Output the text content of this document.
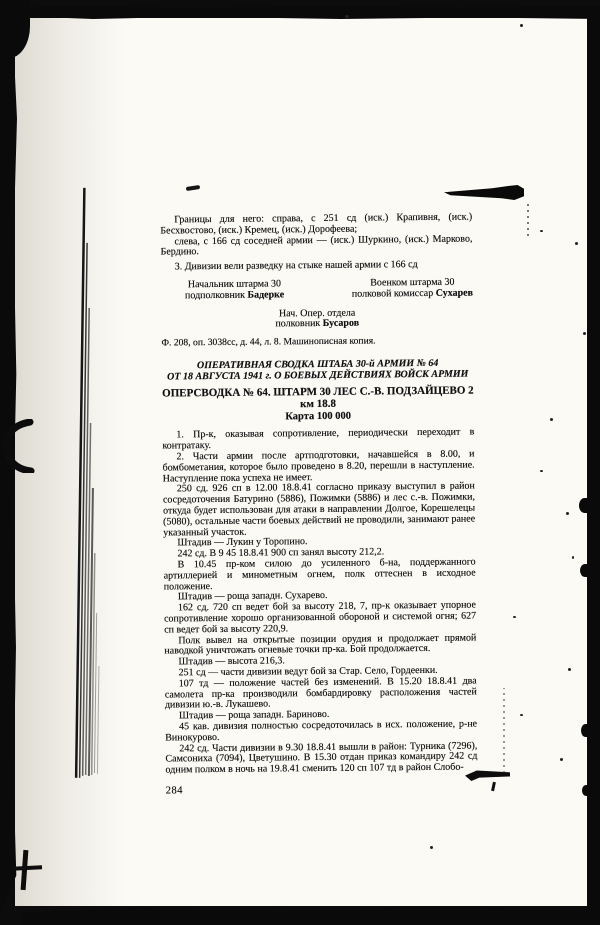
Границы для него: справа, с 251 сд (иск.) Крапивня, (иск.) Бесхвостово, (иск.) Кремец, (иск.) Дорофеева;

слева, с 166 сд соседней армии — (иск.) Шуркино, (иск.) Марково, Бердино.

3. Дивизии вели разведку на стыке нашей армии с 166 сд

Начальник штарма 30
подполковник Бадерке
Военком штарма 30
полковой комиссар Сухарев
Нач. Опер. отдела
полковник Бусаров
Ф. 208, оп. 3038сс, д. 44, л. 8. Машинописная копия.
ОПЕРАТИВНАЯ СВОДКА ШТАБА 30-й АРМИИ № 64
ОТ 18 АВГУСТА 1941 г. О БОЕВЫХ ДЕЙСТВИЯХ ВОЙСК АРМИИ
ОПЕРСВОДКА № 64. ШТАРМ 30 ЛЕС С.-В. ПОДЗАЙЦЕВО 2 км 18.8
Карта 100 000

1. Пр-к, оказывая сопротивление, периодически переходит в контратаку.

2. Части армии после артподготовки, начавшейся в 8.00, и бомбометания, которое было проведено в 8.20, перешли в наступление. Наступление пока успеха не имеет.

250 сд. 926 сп в 12.00 18.8.41 согласно приказу выступил в район сосредоточения Батурино (5886), Пожимки (5886) и лес с.-в. Пожимки, откуда будет использован для атаки в направлении Долгое, Корешелецы (5080), остальные части боевых действий не проводили, занимают ранее указанный участок.

Штадив — Лукин у Торопино.

242 сд. В 9 45 18.8.41 900 сп занял высоту 212,2.

В 10.45 пр-ком силою до усиленного б-на, поддержанного артиллерией и минометным огнем, полк оттеснен в исходное положение.

Штадив — роща западн. Сухарево.

162 сд. 720 сп ведет бой за высоту 218, 7, пр-к оказывает упорное сопротивление хорошо организованной обороной и системой огня; 627 сп ведет бой за высоту 220,9.

Полк вывел на открытые позиции орудия и продолжает прямой наводкой уничтожать огневые точки пр-ка. Бой продолжается.

Штадив — высота 216,3.

251 сд — части дивизии ведут бой за Стар. Село, Гордеенки.

107 тд — положение частей без изменений. В 15.20 18.8.41 два самолета пр-ка производили бомбардировку расположения частей дивизии ю.-в. Лукашево.

Штадив — роща западн. Бариново.

45 кав. дивизия полностью сосредоточилась в исх. положение, р-не Винокурово.

242 сд. Части дивизии в 9.30 18.8.41 вышли в район: Турника (7296), Самсониха (7094), Цветушино. В 15.30 отдан приказ командиру 242 сд одним полком в ночь на 19.8.41 сменить 120 сп 107 тд в район Слобо-

284
